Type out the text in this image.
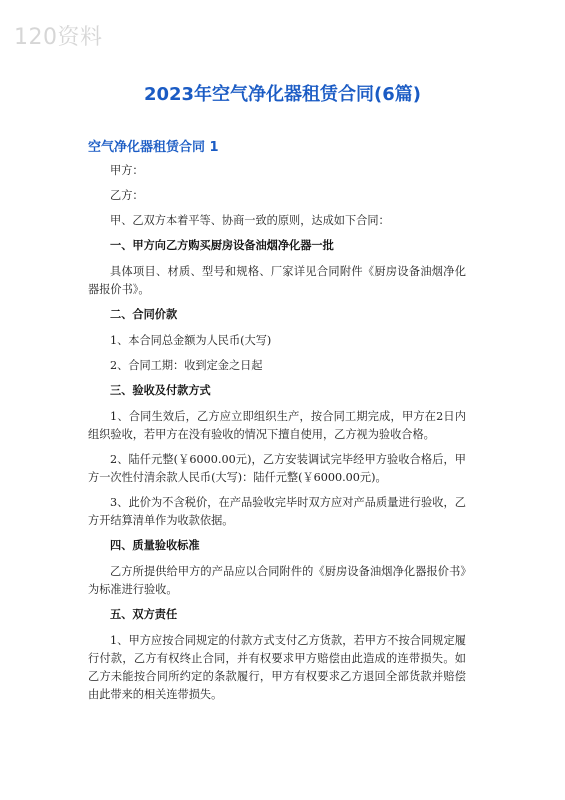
120资料
2023年空气净化器租赁合同(6篇)
空气净化器租赁合同 1
甲方：
乙方：
甲、乙双方本着平等、协商一致的原则，达成如下合同：
一、甲方向乙方购买厨房设备油烟净化器一批
具体项目、材质、型号和规格、厂家详见合同附件《厨房设备油烟净化器报价书》。
二、合同价款
1、本合同总金额为人民币(大写)
2、合同工期：收到定金之日起
三、验收及付款方式
1、合同生效后，乙方应立即组织生产，按合同工期完成，甲方在2日内组织验收，若甲方在没有验收的情况下擅自使用，乙方视为验收合格。
2、陆仟元整(￥6000.00元)，乙方安装调试完毕经甲方验收合格后，甲方一次性付清余款人民币(大写)：陆仟元整(￥6000.00元)。
3、此价为不含税价，在产品验收完毕时双方应对产品质量进行验收，乙方开结算清单作为收款依据。
四、质量验收标准
乙方所提供给甲方的产品应以合同附件的《厨房设备油烟净化器报价书》为标准进行验收。
五、双方责任
1、甲方应按合同规定的付款方式支付乙方货款，若甲方不按合同规定履行付款，乙方有权终止合同，并有权要求甲方赔偿由此造成的连带损失。如乙方未能按合同所约定的条款履行，甲方有权要求乙方退回全部货款并赔偿由此带来的相关连带损失。
